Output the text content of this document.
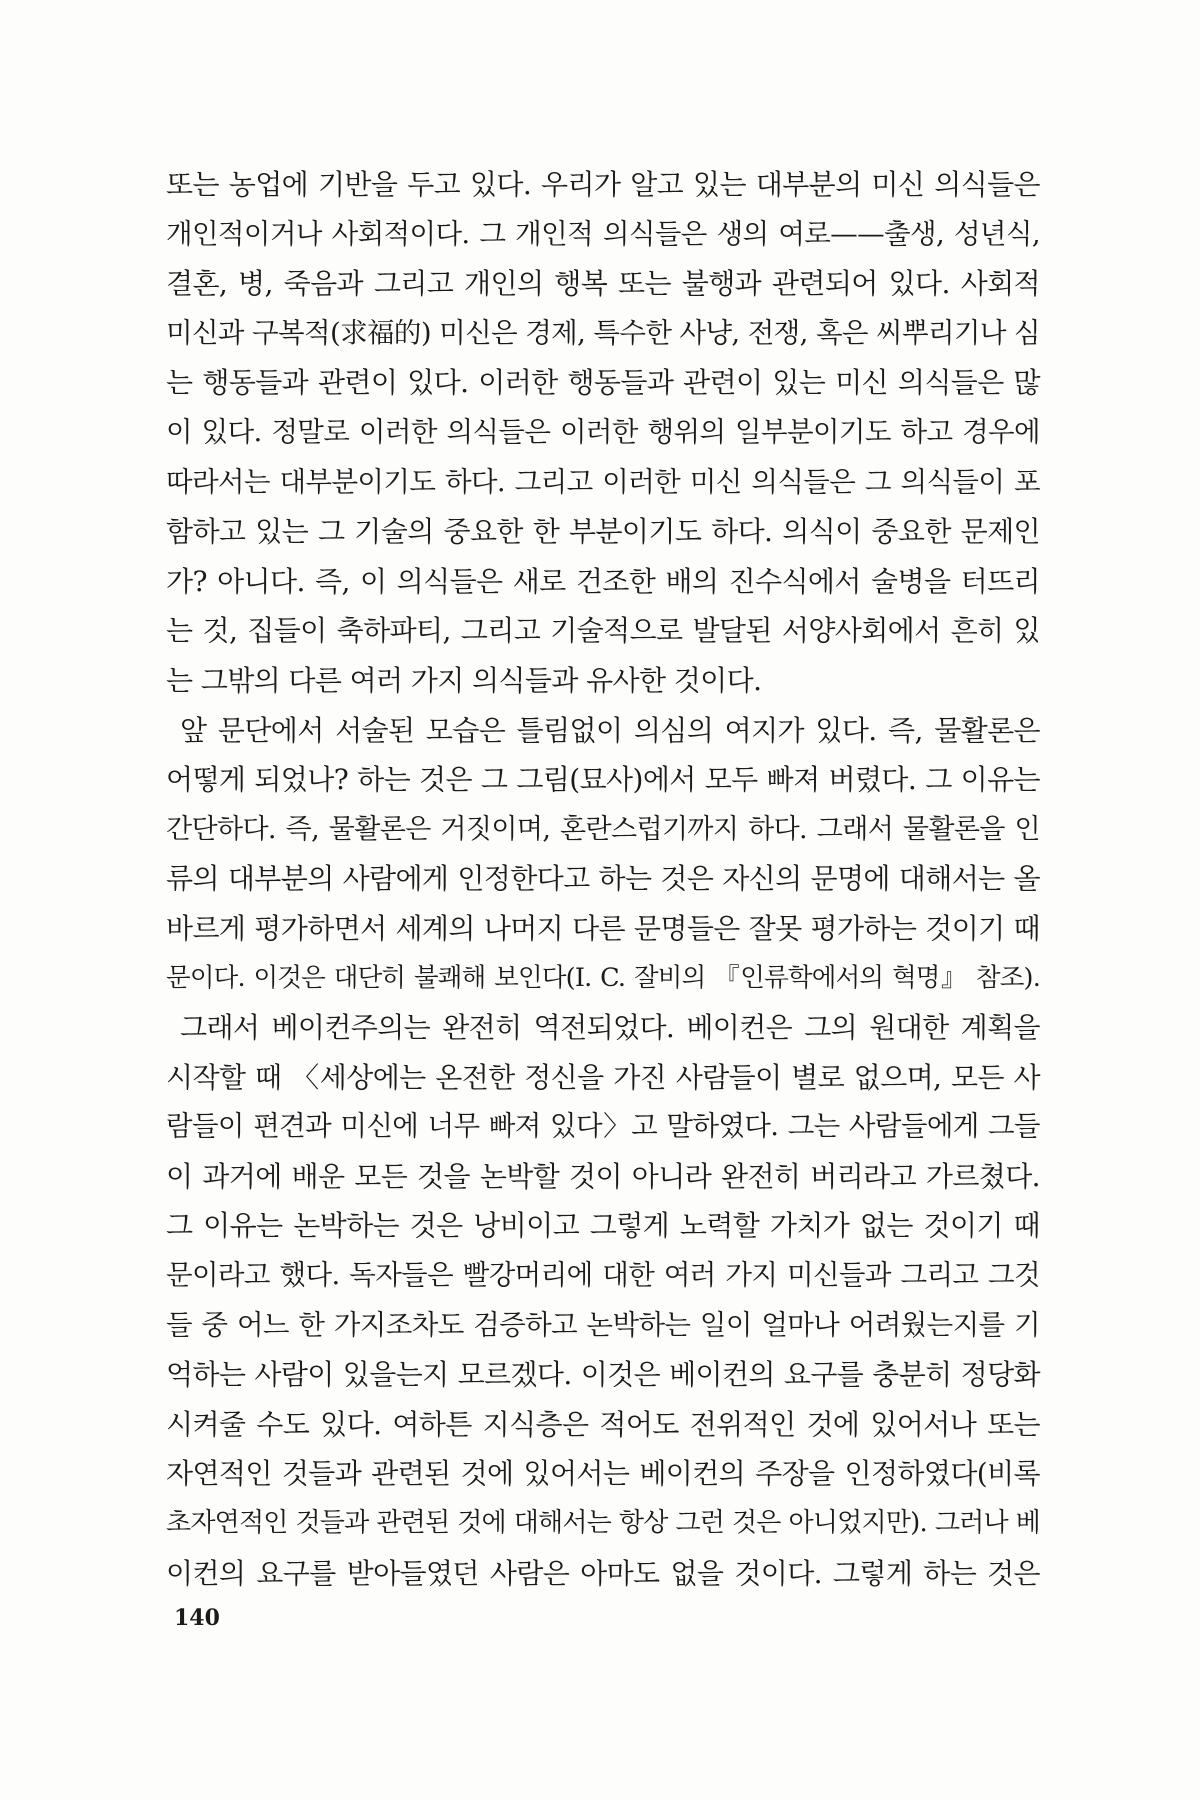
또는 농업에 기반을 두고 있다. 우리가 알고 있는 대부분의 미신 의식들은
개인적이거나 사회적이다. 그 개인적 의식들은 생의 여로——출생, 성년식,
결혼, 병, 죽음과 그리고 개인의 행복 또는 불행과 관련되어 있다. 사회적
미신과 구복적(求福的) 미신은 경제, 특수한 사냥, 전쟁, 혹은 씨뿌리기나 심
는 행동들과 관련이 있다. 이러한 행동들과 관련이 있는 미신 의식들은 많
이 있다. 정말로 이러한 의식들은 이러한 행위의 일부분이기도 하고 경우에
따라서는 대부분이기도 하다. 그리고 이러한 미신 의식들은 그 의식들이 포
함하고 있는 그 기술의 중요한 한 부분이기도 하다. 의식이 중요한 문제인
가? 아니다. 즉, 이 의식들은 새로 건조한 배의 진수식에서 술병을 터뜨리
는 것, 집들이 축하파티, 그리고 기술적으로 발달된 서양사회에서 흔히 있
는 그밖의 다른 여러 가지 의식들과 유사한 것이다.
앞 문단에서 서술된 모습은 틀림없이 의심의 여지가 있다. 즉, 물활론은
어떻게 되었나? 하는 것은 그 그림(묘사)에서 모두 빠져 버렸다. 그 이유는
간단하다. 즉, 물활론은 거짓이며, 혼란스럽기까지 하다. 그래서 물활론을 인
류의 대부분의 사람에게 인정한다고 하는 것은 자신의 문명에 대해서는 올
바르게 평가하면서 세계의 나머지 다른 문명들은 잘못 평가하는 것이기 때
문이다. 이것은 대단히 불쾌해 보인다(I. C. 잘비의 『인류학에서의 혁명』 참조).
그래서 베이컨주의는 완전히 역전되었다. 베이컨은 그의 원대한 계획을
시작할 때 〈세상에는 온전한 정신을 가진 사람들이 별로 없으며, 모든 사
람들이 편견과 미신에 너무 빠져 있다〉고 말하였다. 그는 사람들에게 그들
이 과거에 배운 모든 것을 논박할 것이 아니라 완전히 버리라고 가르쳤다.
그 이유는 논박하는 것은 낭비이고 그렇게 노력할 가치가 없는 것이기 때
문이라고 했다. 독자들은 빨강머리에 대한 여러 가지 미신들과 그리고 그것
들 중 어느 한 가지조차도 검증하고 논박하는 일이 얼마나 어려웠는지를 기
억하는 사람이 있을는지 모르겠다. 이것은 베이컨의 요구를 충분히 정당화
시켜줄 수도 있다. 여하튼 지식층은 적어도 전위적인 것에 있어서나 또는
자연적인 것들과 관련된 것에 있어서는 베이컨의 주장을 인정하였다(비록
초자연적인 것들과 관련된 것에 대해서는 항상 그런 것은 아니었지만). 그러나 베
이컨의 요구를 받아들였던 사람은 아마도 없을 것이다. 그렇게 하는 것은
140
